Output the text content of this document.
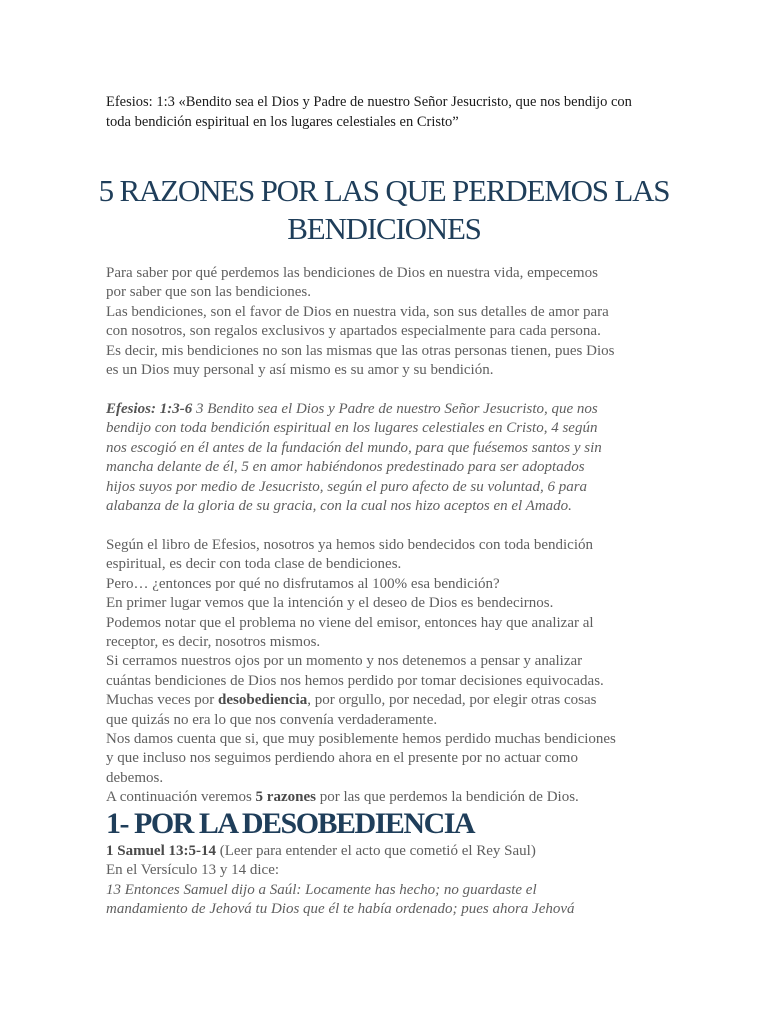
Efesios: 1:3 «Bendito sea el Dios y Padre de nuestro Señor Jesucristo, que nos bendijo con
toda bendición espiritual en los lugares celestiales en Cristo”
5 RAZONES POR LAS QUE PERDEMOS LAS
BENDICIONES
Para saber por qué perdemos las bendiciones de Dios en nuestra vida, empecemos
por saber que son las bendiciones.
Las bendiciones, son el favor de Dios en nuestra vida, son sus detalles de amor para
con nosotros, son regalos exclusivos y apartados especialmente para cada persona.
Es decir, mis bendiciones no son las mismas que las otras personas tienen, pues Dios
es un Dios muy personal y así mismo es su amor y su bendición.
Efesios: 1:3-6 3 Bendito sea el Dios y Padre de nuestro Señor Jesucristo, que nos
bendijo con toda bendición espiritual en los lugares celestiales en Cristo, 4 según
nos escogió en él antes de la fundación del mundo, para que fuésemos santos y sin
mancha delante de él, 5 en amor habiéndonos predestinado para ser adoptados
hijos suyos por medio de Jesucristo, según el puro afecto de su voluntad, 6 para
alabanza de la gloria de su gracia, con la cual nos hizo aceptos en el Amado.
Según el libro de Efesios, nosotros ya hemos sido bendecidos con toda bendición
espiritual, es decir con toda clase de bendiciones.
Pero… ¿entonces por qué no disfrutamos al 100% esa bendición?
En primer lugar vemos que la intención y el deseo de Dios es bendecirnos.
Podemos notar que el problema no viene del emisor, entonces hay que analizar al
receptor, es decir, nosotros mismos.
Si cerramos nuestros ojos por un momento y nos detenemos a pensar y analizar
cuántas bendiciones de Dios nos hemos perdido por tomar decisiones equivocadas.
Muchas veces por desobediencia, por orgullo, por necedad, por elegir otras cosas
que quizás no era lo que nos convenía verdaderamente.
Nos damos cuenta que si, que muy posiblemente hemos perdido muchas bendiciones
y que incluso nos seguimos perdiendo ahora en el presente por no actuar como
debemos.
A continuación veremos 5 razones por las que perdemos la bendición de Dios.
1- POR LA DESOBEDIENCIA
1 Samuel 13:5-14 (Leer para entender el acto que cometió el Rey Saul)
En el Versículo 13 y 14 dice:
13 Entonces Samuel dijo a Saúl: Locamente has hecho; no guardaste el
mandamiento de Jehová tu Dios que él te había ordenado; pues ahora Jehová
